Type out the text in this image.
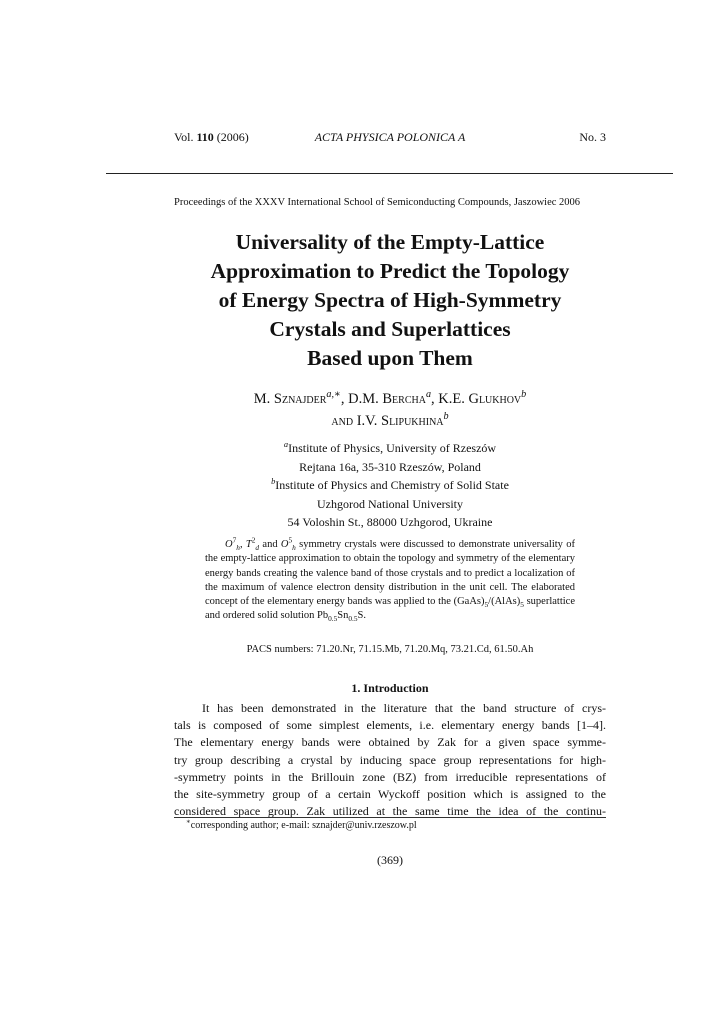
Vol. 110 (2006)	ACTA PHYSICA POLONICA A	No. 3
Proceedings of the XXXV International School of Semiconducting Compounds, Jaszowiec 2006
Universality of the Empty-Lattice
Approximation to Predict the Topology
of Energy Spectra of High-Symmetry
Crystals and Superlattices
Based upon Them
M. Sznajder$^{a,∗}$, D.M. Bercha$^a$, K.E. Glukhov$^b$
and I.V. Slipukhina$^b$
$^a$Institute of Physics, University of Rzeszów
Rejtana 16a, 35-310 Rzeszów, Poland
$^b$Institute of Physics and Chemistry of Solid State
Uzhgorod National University
54 Voloshin St., 88000 Uzhgorod, Ukraine
$O^7_h$, $T^2_d$ and $O^5_h$ symmetry crystals were discussed to demonstrate universality of the empty-lattice approximation to obtain the topology and symmetry of the elementary energy bands creating the valence band of those crystals and to predict a localization of the maximum of valence electron density distribution in the unit cell. The elaborated concept of the elementary energy bands was applied to the $(GaAs)_5/(AlAs)_5$ superlattice and ordered solid solution $Pb_{0.5}Sn_{0.5}S$.
PACS numbers: 71.20.Nr, 71.15.Mb, 71.20.Mq, 73.21.Cd, 61.50.Ah
1. Introduction
It has been demonstrated in the literature that the band structure of crys-
tals is composed of some simplest elements, i.e. elementary energy bands [1–4].
The elementary energy bands were obtained by Zak for a given space symme-
try group describing a crystal by inducing space group representations for high-
-symmetry points in the Brillouin zone (BZ) from irreducible representations of
the site-symmetry group of a certain Wyckoff position which is assigned to the
considered space group. Zak utilized at the same time the idea of the continu-
∗corresponding author; e-mail: sznajder@univ.rzeszow.pl
(369)
